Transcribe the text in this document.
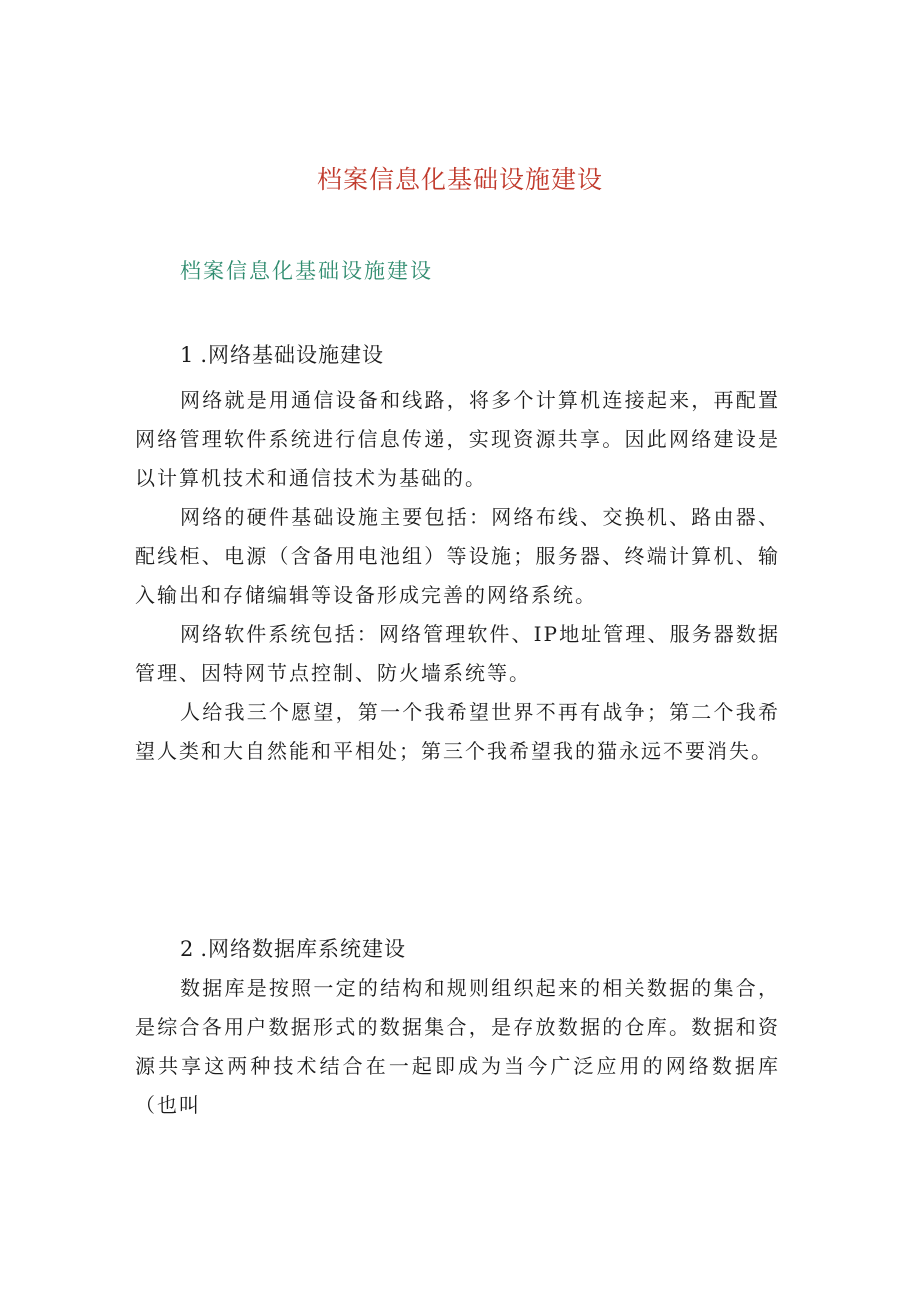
档案信息化基础设施建设
档案信息化基础设施建设
1 .网络基础设施建设

网络就是用通信设备和线路，将多个计算机连接起来，再配置网络管理软件系统进行信息传递，实现资源共享。因此网络建设是以计算机技术和通信技术为基础的。

网络的硬件基础设施主要包括：网络布线、交换机、路由器、配线柜、电源（含备用电池组）等设施；服务器、终端计算机、输入输出和存储编辑等设备形成完善的网络系统。

网络软件系统包括：网络管理软件、IP地址管理、服务器数据管理、因特网节点控制、防火墙系统等。

人给我三个愿望，第一个我希望世界不再有战争；第二个我希望人类和大自然能和平相处；第三个我希望我的猫永远不要消失。

2 .网络数据库系统建设

数据库是按照一定的结构和规则组织起来的相关数据的集合，是综合各用户数据形式的数据集合，是存放数据的仓库。数据和资源共享这两种技术结合在一起即成为当今广泛应用的网络数据库（也叫
